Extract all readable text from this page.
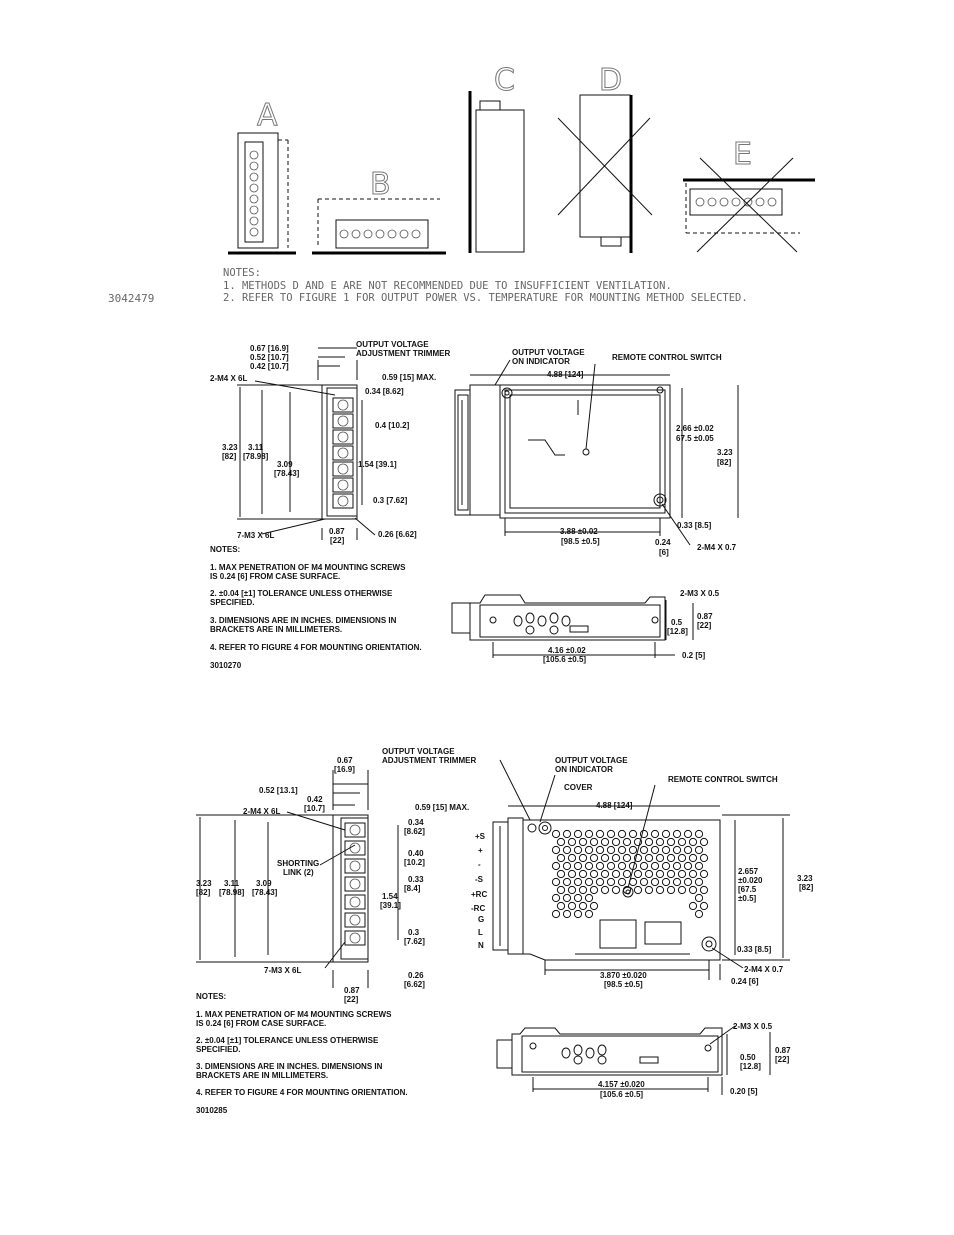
A
B
C	D
E
NOTES:
1. METHODS D AND E ARE NOT RECOMMENDED DUE TO INSUFFICIENT VENTILATION.
2. REFER TO FIGURE 1 FOR OUTPUT POWER VS. TEMPERATURE FOR MOUNTING METHOD SELECTED.
3042479
0.67 [16.9]
0.52 [10.7]
0.42 [10.7]
2-M4 X 6L
OUTPUT VOLTAGE
ADJUSTMENT TRIMMER	OUTPUT VOLTAGE
ON INDICATOR	REMOTE CONTROL SWITCH
0.59 [15] MAX.	4.88 [124]
0.34 [8.62]
0.4 [10.2]
1.54 [39.1]
0.3 [7.62]
3.23
[82]
3.11
[78.98]
3.09
[78.43]
7-M3 X 6L	0.87
[22]
0.26 [6.62]
2.66 ±0.02
67.5 ±0.05
3.23
[82]
0.33 [8.5]
3.88 ±0.02
[98.5 ±0.5]	0.24
[6]
2-M4 X 0.7
2-M3 X 0.5
0.87
[22]
0.5
[12.8]
4.16 ±0.02
[105.6 ±0.5]	0.2 [5]
NOTES:
1. MAX PENETRATION OF M4 MOUNTING SCREWS
IS 0.24 [6] FROM CASE SURFACE.
2. ±0.04 [±1] TOLERANCE UNLESS OTHERWISE
SPECIFIED.
3. DIMENSIONS ARE IN INCHES. DIMENSIONS IN
BRACKETS ARE IN MILLIMETERS.
4. REFER TO FIGURE 4 FOR MOUNTING ORIENTATION.
3010270
0.67
[16.9]
OUTPUT VOLTAGE
ADJUSTMENT TRIMMER	OUTPUT VOLTAGE
ON INDICATOR
REMOTE CONTROL SWITCH
COVER
0.52 [13.1]
0.42
[10.7]
2-M4 X 6L	0.59 [15] MAX.	4.88 [124]
0.34
[8.62]
0.40
[10.2]
SHORTING
LINK (2)
0.33
[8.4]
1.54
[39.1]
0.3
[7.62]
3.23
[82]
3.11
[78.98]
3.09
[78.43]
7-M3 X 6L
0.26
[6.62]
0.87
[22]
+S
+
-
-S
+RC
-RC
G
L
N
2.657
±0.020
[67.5
±0.5]
3.23
[82]
0.33 [8.5]
3.870 ±0.020
[98.5 ±0.5]
2-M4 X 0.7
0.24 [6]
2-M3 X 0.5
0.87
[22]
0.50
[12.8]
4.157 ±0.020
[105.6 ±0.5]	0.20 [5]
NOTES:
1. MAX PENETRATION OF M4 MOUNTING SCREWS
IS 0.24 [6] FROM CASE SURFACE.
2. ±0.04 [±1] TOLERANCE UNLESS OTHERWISE
SPECIFIED.
3. DIMENSIONS ARE IN INCHES. DIMENSIONS IN
BRACKETS ARE IN MILLIMETERS.
4. REFER TO FIGURE 4 FOR MOUNTING ORIENTATION.
3010285
